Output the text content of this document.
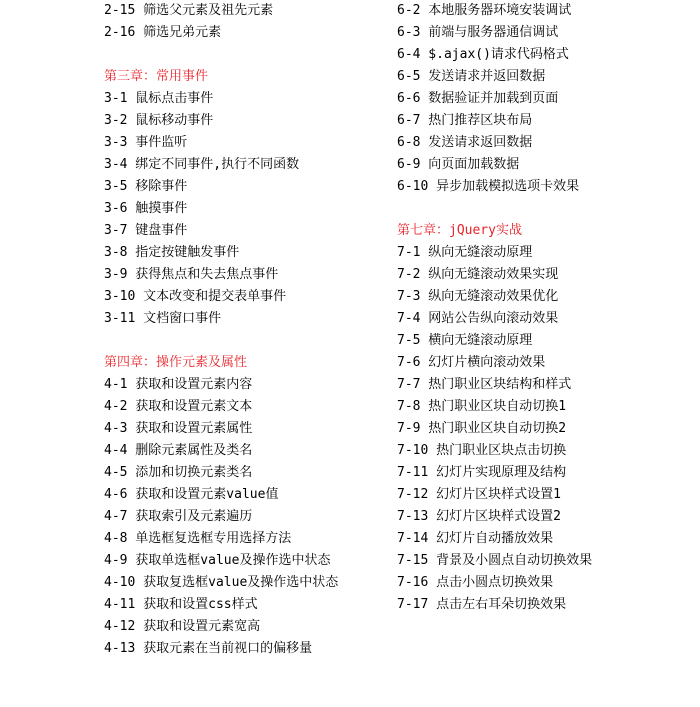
2-15 筛选父元素及祖先元素
2-16 筛选兄弟元素
第三章：常用事件
3-1 鼠标点击事件
3-2 鼠标移动事件
3-3 事件监听
3-4 绑定不同事件,执行不同函数
3-5 移除事件
3-6 触摸事件
3-7 键盘事件
3-8 指定按键触发事件
3-9 获得焦点和失去焦点事件
3-10 文本改变和提交表单事件
3-11 文档窗口事件
第四章：操作元素及属性
4-1 获取和设置元素内容
4-2 获取和设置元素文本
4-3 获取和设置元素属性
4-4 删除元素属性及类名
4-5 添加和切换元素类名
4-6 获取和设置元素value值
4-7 获取索引及元素遍历
4-8 单选框复选框专用选择方法
4-9 获取单选框value及操作选中状态
4-10 获取复选框value及操作选中状态
4-11 获取和设置css样式
4-12 获取和设置元素宽高
4-13 获取元素在当前视口的偏移量
6-2 本地服务器环境安装调试
6-3 前端与服务器通信调试
6-4 $.ajax()请求代码格式
6-5 发送请求并返回数据
6-6 数据验证并加载到页面
6-7 热门推荐区块布局
6-8 发送请求返回数据
6-9 向页面加载数据
6-10 异步加载模拟选项卡效果
第七章：jQuery实战
7-1 纵向无缝滚动原理
7-2 纵向无缝滚动效果实现
7-3 纵向无缝滚动效果优化
7-4 网站公告纵向滚动效果
7-5 横向无缝滚动原理
7-6 幻灯片横向滚动效果
7-7 热门职业区块结构和样式
7-8 热门职业区块自动切换1
7-9 热门职业区块自动切换2
7-10 热门职业区块点击切换
7-11 幻灯片实现原理及结构
7-12 幻灯片区块样式设置1
7-13 幻灯片区块样式设置2
7-14 幻灯片自动播放效果
7-15 背景及小圆点自动切换效果
7-16 点击小圆点切换效果
7-17 点击左右耳朵切换效果
